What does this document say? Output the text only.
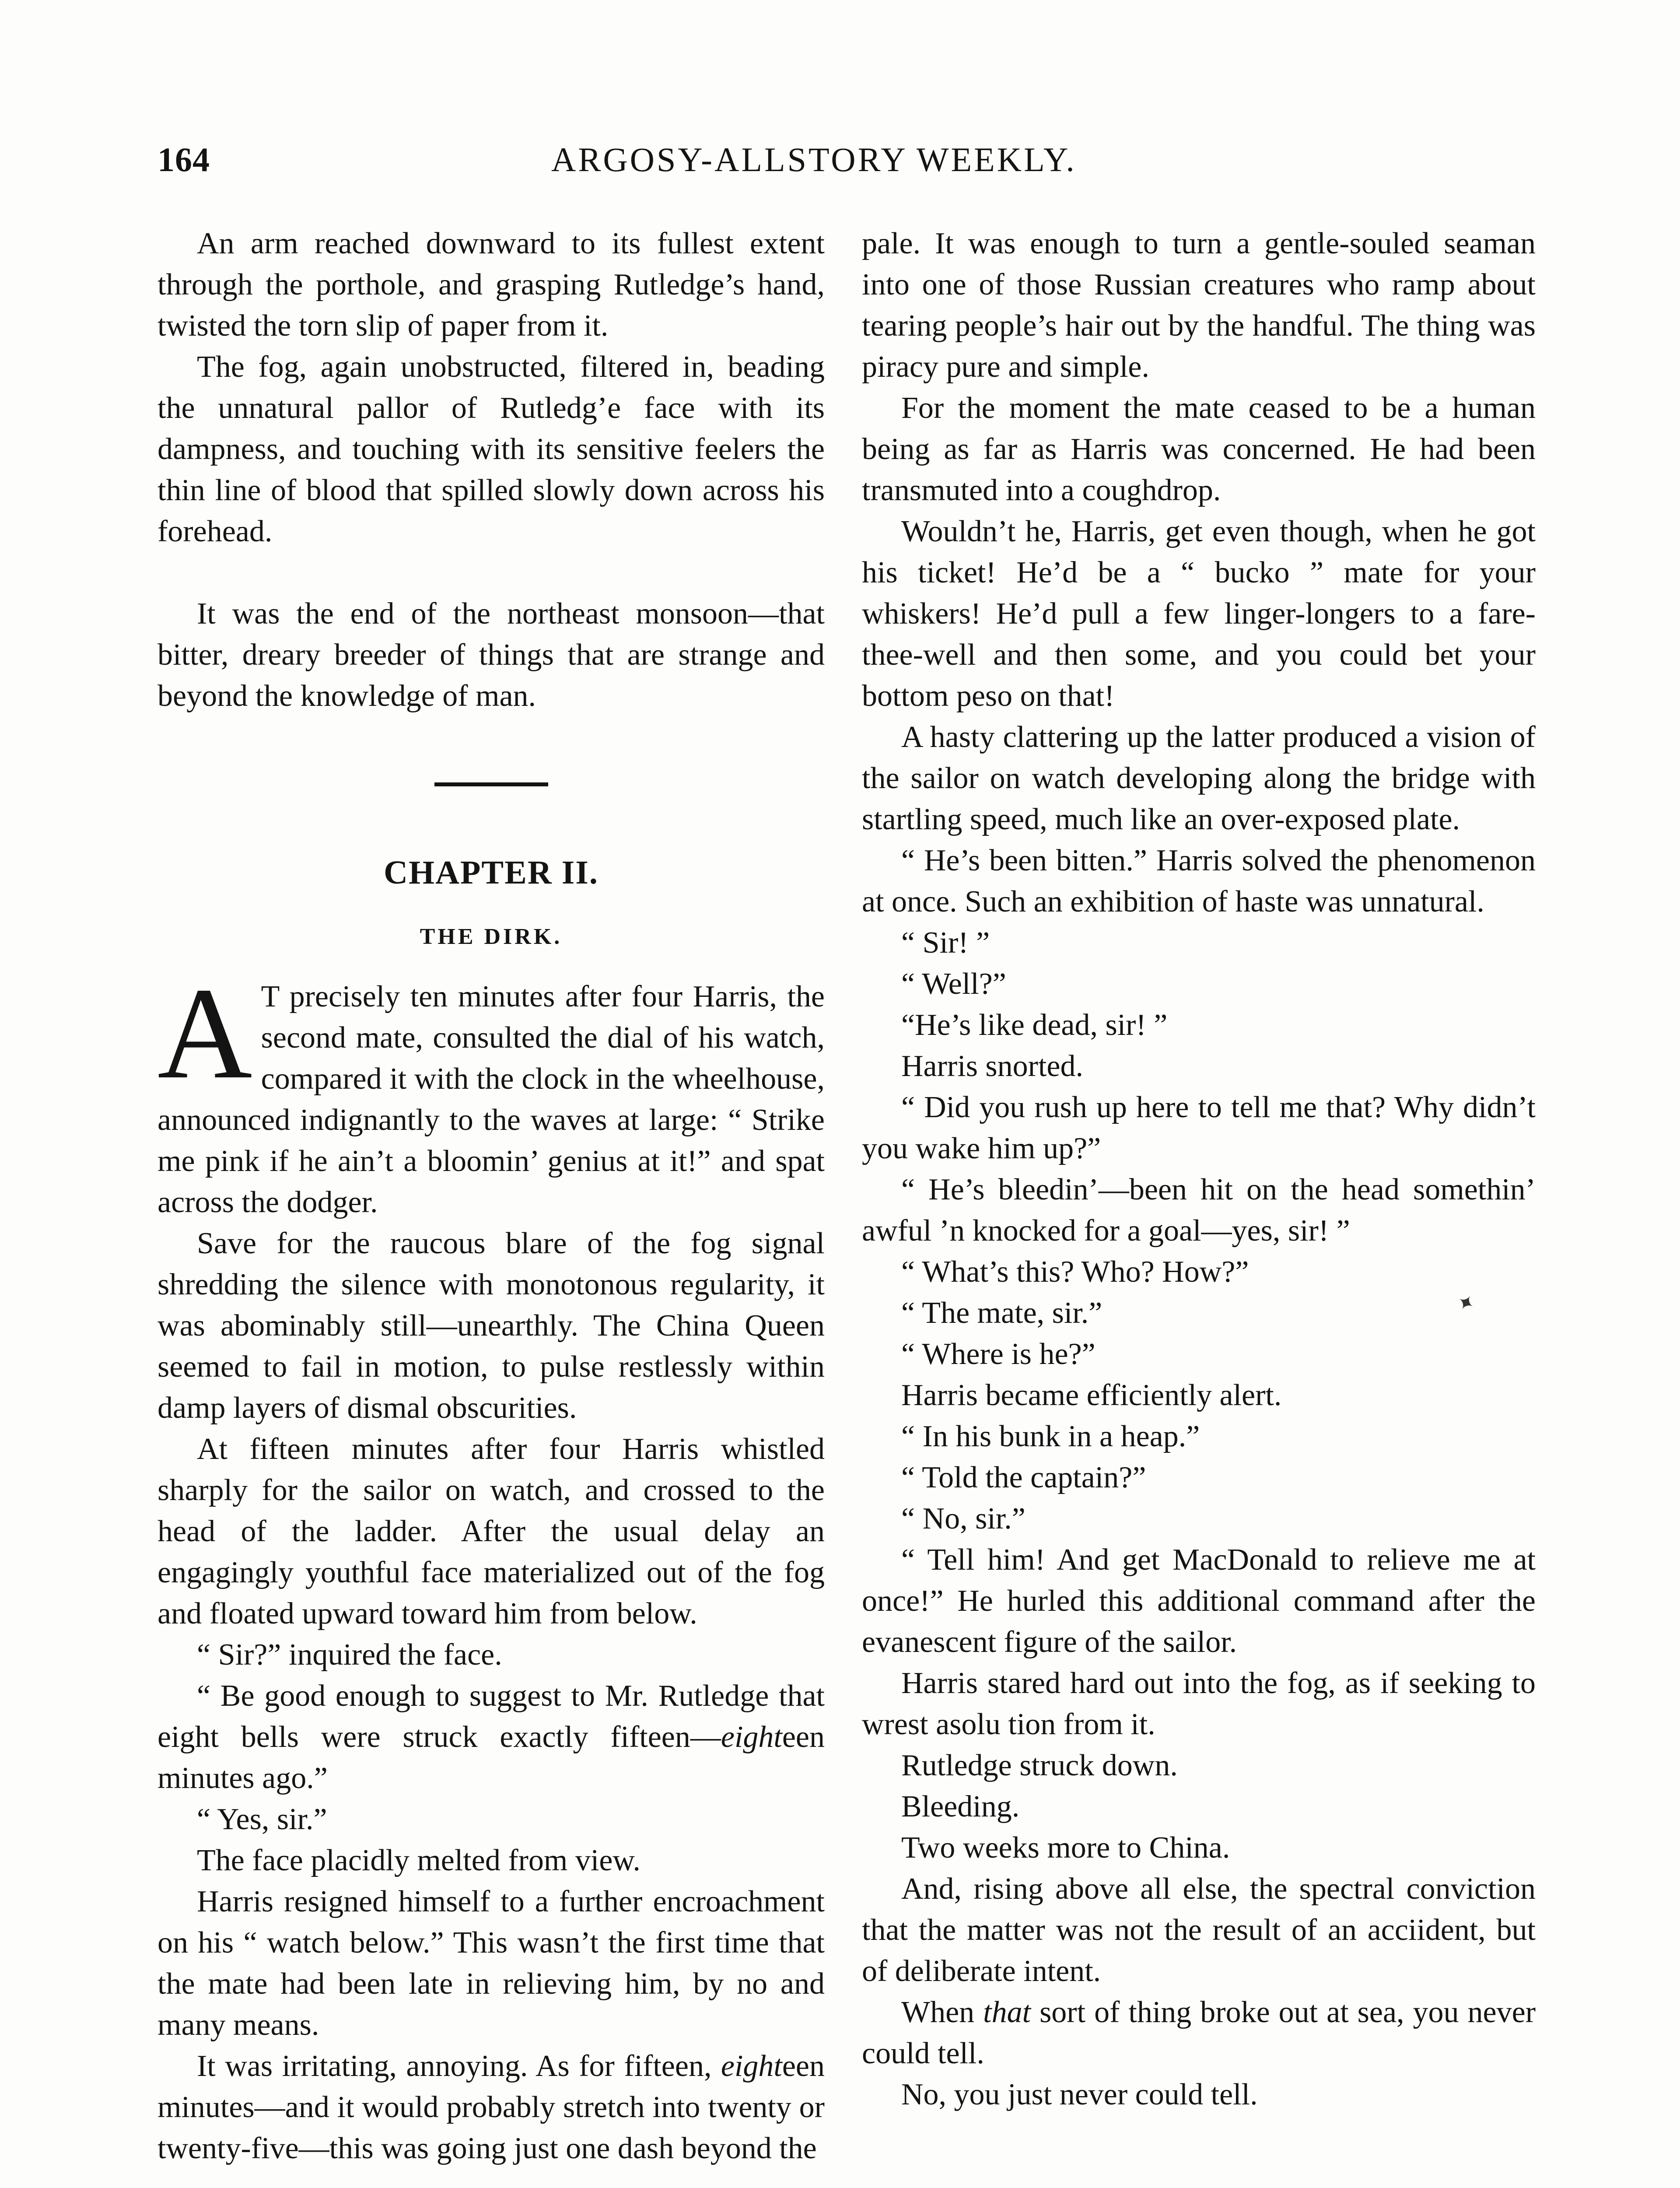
164	ARGOSY-ALLSTORY WEEKLY.

An arm reached downward to its fullest extent through the porthole, and grasping Rutledge’s hand, twisted the torn slip of paper from it.

The fog, again unobstructed, filtered in, beading the unnatural pallor of Rutledg’e face with its dampness, and touching with its sensitive feelers the thin line of blood that spilled slowly down across his forehead.

It was the end of the northeast monsoon—that bitter, dreary breeder of things that are strange and beyond the knowledge of man.

CHAPTER II.
THE DIRK.

A T precisely ten minutes after four Harris, the second mate, consulted the dial of his watch, compared it with the clock in the wheelhouse, announced indignantly to the waves at large: “ Strike me pink if he ain’t a bloomin’ genius at it!” and spat across the dodger.

Save for the raucous blare of the fog signal shredding the silence with monotonous regularity, it was abominably still—unearthly. The China Queen seemed to fail in motion, to pulse restlessly within damp layers of dismal obscurities.

At fifteen minutes after four Harris whistled sharply for the sailor on watch, and crossed to the head of the ladder. After the usual delay an engagingly youthful face materialized out of the fog and floated upward toward him from below.

“ Sir?” inquired the face.

“ Be good enough to suggest to Mr. Rutledge that eight bells were struck exactly fifteen—eighteen minutes ago.”

“ Yes, sir.”

The face placidly melted from view.

Harris resigned himself to a further encroachment on his “ watch below.” This wasn’t the first time that the mate had been late in relieving him, by no and many means.

It was irritating, annoying. As for fifteen, eighteen minutes—and it would probably stretch into twenty or twenty-five—this was going just one dash beyond the

pale. It was enough to turn a gentle-souled seaman into one of those Russian creatures who ramp about tearing people’s hair out by the handful. The thing was piracy pure and simple.

For the moment the mate ceased to be a human being as far as Harris was concerned. He had been transmuted into a coughdrop.

Wouldn’t he, Harris, get even though, when he got his ticket! He’d be a “ bucko ” mate for your whiskers! He’d pull a few linger-longers to a fare-thee-well and then some, and you could bet your bottom peso on that!

A hasty clattering up the latter produced a vision of the sailor on watch developing along the bridge with startling speed, much like an over-exposed plate.

“ He’s been bitten.” Harris solved the phenomenon at once. Such an exhibition of haste was unnatural.

“ Sir! ”

“ Well?”

“He’s like dead, sir! ”

Harris snorted.

“ Did you rush up here to tell me that? Why didn’t you wake him up?”

“ He’s bleedin’—been hit on the head somethin’ awful ’n knocked for a goal—yes, sir! ”

“ What’s this? Who? How?”

“ The mate, sir.”

“ Where is he?”

Harris became efficiently alert.

“ In his bunk in a heap.”

“ Told the captain?”

“ No, sir.”

“ Tell him! And get MacDonald to relieve me at once!” He hurled this additional command after the evanescent figure of the sailor.

Harris stared hard out into the fog, as if seeking to wrest asolu tion from it.

Rutledge struck down.

Bleeding.

Two weeks more to China.

And, rising above all else, the spectral conviction that the matter was not the result of an acciident, but of deliberate intent.

When that sort of thing broke out at sea, you never could tell.

No, you just never could tell.

✦
